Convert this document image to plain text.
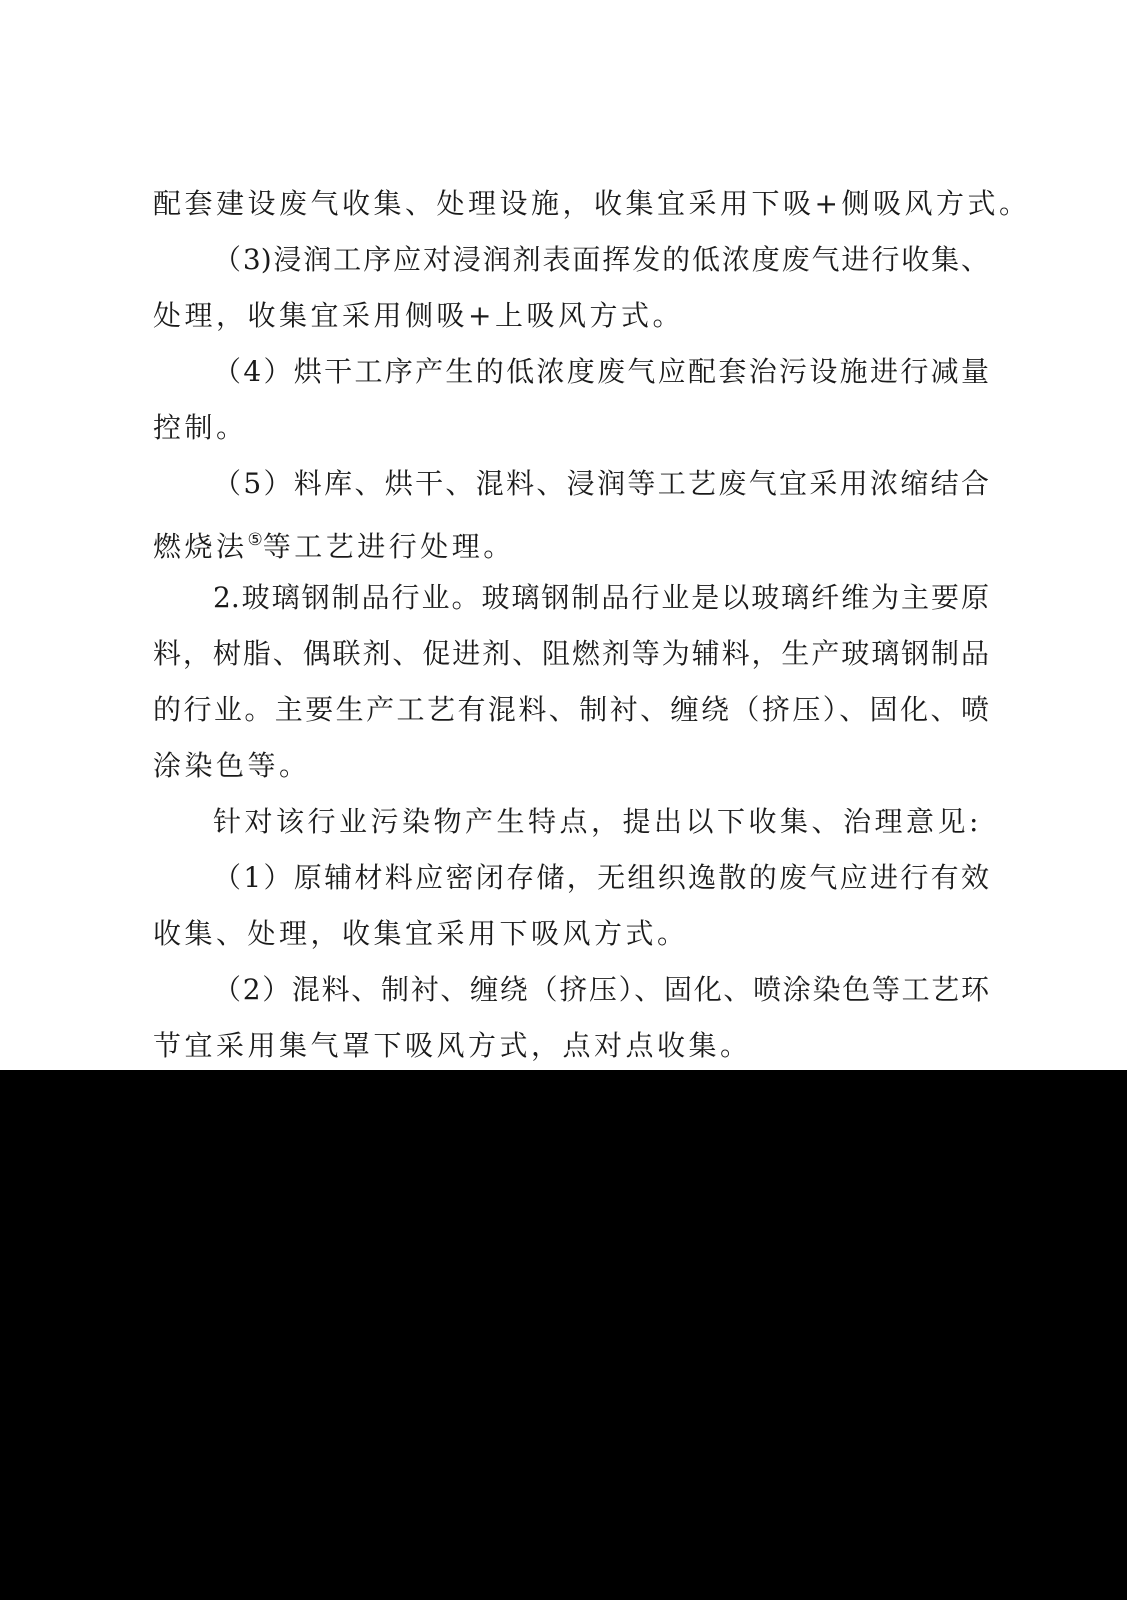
配套建设废气收集、处理设施，收集宜采用下吸+侧吸风方式。
（3)浸润工序应对浸润剂表面挥发的低浓度废气进行收集、
处理，收集宜采用侧吸+上吸风方式。
（4）烘干工序产生的低浓度废气应配套治污设施进行减量
控制。
（5）料库、烘干、混料、浸润等工艺废气宜采用浓缩结合
燃烧法⑤等工艺进行处理。
2.玻璃钢制品行业。玻璃钢制品行业是以玻璃纤维为主要原
料，树脂、偶联剂、促进剂、阻燃剂等为辅料，生产玻璃钢制品
的行业。主要生产工艺有混料、制衬、缠绕（挤压）、固化、喷
涂染色等。
针对该行业污染物产生特点，提出以下收集、治理意见:
（1）原辅材料应密闭存储，无组织逸散的废气应进行有效
收集、处理，收集宜采用下吸风方式。
（2）混料、制衬、缠绕（挤压）、固化、喷涂染色等工艺环
节宜采用集气罩下吸风方式，点对点收集。
